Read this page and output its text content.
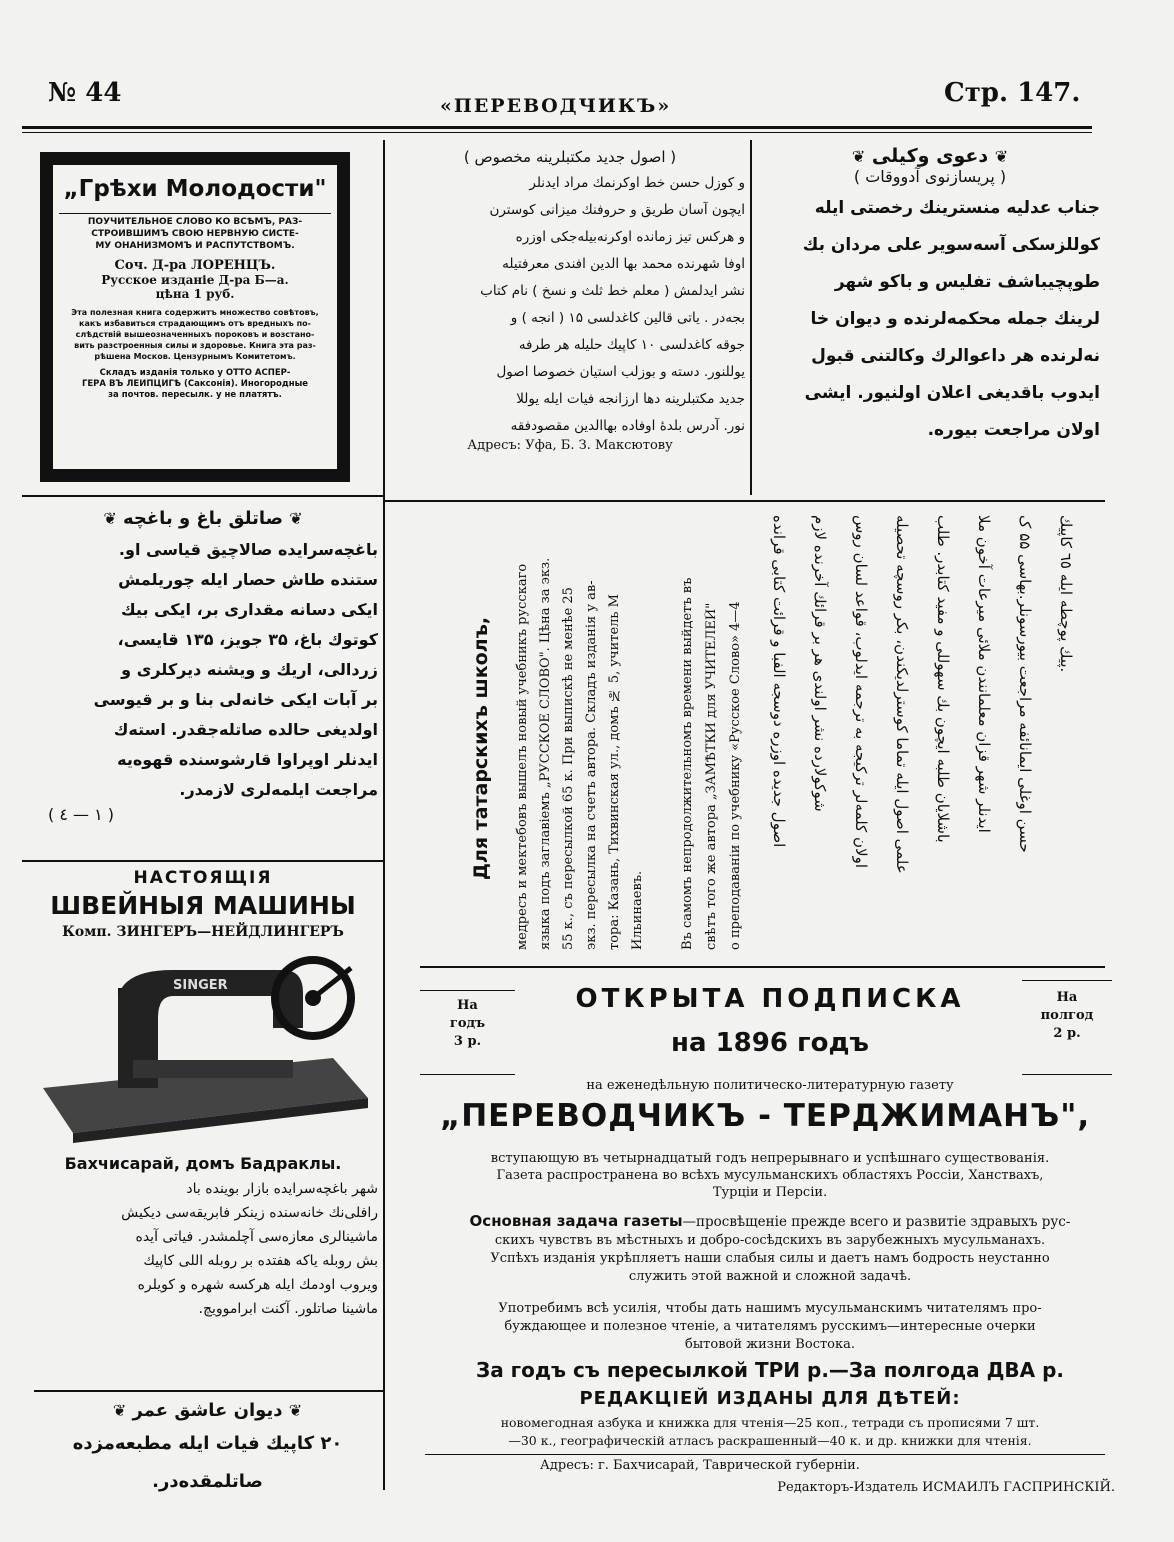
№ 44	«ПЕРЕВОДЧИКЪ»	Стр. 147.
„Грѣхи Молодости"
ПОУЧИТЕЛЬНОЕ СЛОВО КО ВСѢМЪ, РАЗ-
СТРОИВШИМЪ СВОЮ НЕРВНУЮ СИСТЕ-
МУ ОНАНИЗМОМЪ И РАСПУТСТВОМЪ.
Соч. Д-ра ЛОРЕНЦЪ.
Русское изданіе Д-ра Б—а.
цѣна 1 руб.
Эта полезная книга содержитъ множество совѣтовъ,
какъ избавиться страдающимъ отъ вредныхъ по-
слѣдствій вышеозначенныхъ пороковъ и возстано-
вить разстроенныя силы и здоровье. Книга эта раз-
рѣшена Москов. Цензурнымъ Комитетомъ.
Складъ изданія только у ОТТО АСПЕР-
ГЕРА ВЪ ЛЕЙПЦИГѢ (Саксонія). Иногородные
за почтов. пересылк. у не платятъ.
( اصول جدید مکتبلرینه مخصوص )
و کوزل حسن خط اوکرنمك مراد ایدنلر
ایچون آسان طریق و حروفنك میزانی کوسترن
و هرکس تیز زمانده اوکرنه‌بیله‌جکی اوزره
اوفا شهرنده محمد بها الدین افندی معرفتیله
نشر ایدلمش ( معلم خط ثلث و نسخ ) نام کتاب
بجه‌در . یاتی قالین کاغدلسی ۱۵ ( انجه ) و
جوقه کاغدلسی ۱۰ کاپیك حلیله هر طرفه
یوللنور. دسته و بوزلب استیان خصوصا اصول
جدید مکتبلرینه دها ارزانجه فیات ایله یوللا
نور. آدرس بلدهٔ اوفاده بهاالدین مقصودفقه
Адресъ: Уфа, Б. З. Максютову
❦ دعوی وکیلی ❦
( پریسازنوی آدووقات )
جناب عدلیه منسترینك رخصتی ایله
کوللزسکی آسه‌سویر علی مردان بك
طوپچیباشف تفلیس و باکو شهر
لرینك جمله محکمه‌لرنده و دیوان خا
نه‌لرنده هر داعوالرك وکالتنی قبول
ایدوب باقدیغی اعلان اولنیور. ایشی
اولان مراجعت بیوره.
❦ صاتلق باغ و باغچه ❦
باغچه‌سرایده صالاچیق قیاسی او.
ستنده طاش حصار ایله چوریلمش
ایکی دسانه مقداری بر، ایکی بیك
کوتوك باغ، ۳۵ جویز، ۱۳۵ قایسی،
زردالی، اریك و ویشنه دیرکلری و
بر آبات ایکی خانه‌لی بنا و بر قیوسی
اولدیغی حالده صاتله‌جقدر. استه‌ك
ایدنلر اوپراوا قارشوسنده قهوه‌یه
مراجعت ایلمه‌لری لازمدر.
( ۱ — ٤ )
НАСТОЯЩІЯ
ШВЕЙНЫЯ МАШИНЫ
Комп. ЗИНГЕРЪ—НЕЙДЛИНГЕРЪ
SINGER
Бахчисарай, домъ Бадраклы.
شهر باغچه‌سرایده بازار بوینده باد
رافلی‌نك خانه‌سنده زینکر فابریقه‌سی دیکیش
ماشینالری معازه‌سی آچلمشدر. فیاتی آیده
بش روبله یاکه هفتده بر روبله اللی کاپیك
ویروب اودمك ایله هرکسه شهره و کویلره
ماشینا صاتلور. آکنت ابراموویچ.
❦ دیوان عاشق عمر ❦
۲۰ کاپیك فیات ایله مطبعه‌مزده
صاتلمقده‌در.
Для татарскихъ школъ, медресъ и мектебовъ вышелъ новый учебникъ русскаго языка подъ заглавіемъ „РУССКОЕ СЛОВО". Цѣна за экз. 55 к., съ пересылкой 65 к. При выпискѣ не менѣе 25 экз. пересылка на счетъ автора. Складъ изданія у ав- тора: Казань, Тихвинская ул., домъ № 5, учитель М Ильинаевъ.	Въ самомъ непродолжительномъ времени выйдетъ въ свѣтъ того же автора „ЗАМѢТКИ для УЧИТЕЛЕЙ" о преподаваніи по учебнику «Русское Слово» 4—4 اصول جدیده اوزره دوسجه الفبا و قرائت کتابی قرانده شوکولارده نشر اولندی هر بر قرائك آخرنده لازم اولان کلمه‌لر ترکیجه به ترجمه ایدلوب، قواعد لسان روس علمی اصول ایله تماما کوسترلدیکندن، بکر روسچه تحصیله باشلایان طلبه ایچون بك سهوللی و مفید کتابدر. طلب ایدنلر شهر قزان معلمانندن ملائی میرعات آخون ملا حسن اوغلی ایمانائفه مراجعت بیورسونلر.بهاسی ۵۵ ک
پیك پوچطه ایله ٦٥ کاپیك.
На
годъ
3 р.
На
полгод
2 р.
ОТКРЫТА ПОДПИСКА
на 1896 годъ
на еженедѣльную политическо-литературную газету
„ПЕРЕВОДЧИКЪ - ТЕРДЖИМАНЪ",
вступающую въ четырнадцатый годъ непрерывнаго и успѣшнаго существованія.
Газета распространена во всѣхъ мусульманскихъ областяхъ Россіи, Ханствахъ,
Турціи и Персіи.
Основная задача газеты—просвѣщеніе прежде всего и развитіе здравыхъ рус-
скихъ чувствъ въ мѣстныхъ и добро-сосѣдскихъ въ зарубежныхъ мусульманахъ.
Успѣхъ изданія укрѣпляетъ наши слабыя силы и даетъ намъ бодрость неустанно
служить этой важной и сложной задачѣ.
Употребимъ всѣ усилія, чтобы дать нашимъ мусульманскимъ читателямъ про-
буждающее и полезное чтеніе, а читателямъ русскимъ—интересные очерки
бытовой жизни Востока.
За годъ съ пересылкой ТРИ р.—За полгода ДВА р.
РЕДАКЦІЕЙ ИЗДАНЫ ДЛЯ ДѢТЕЙ:
новомегодная азбука и книжка для чтенія—25 коп., тетради съ прописями 7 шт.
—30 к., географическій атласъ раскрашенный—40 к. и др. книжки для чтенія.
Адресъ: г. Бахчисарай, Таврической губерніи.
Редакторъ-Издатель ИСМАИЛЪ ГАСПРИНСКІЙ.
